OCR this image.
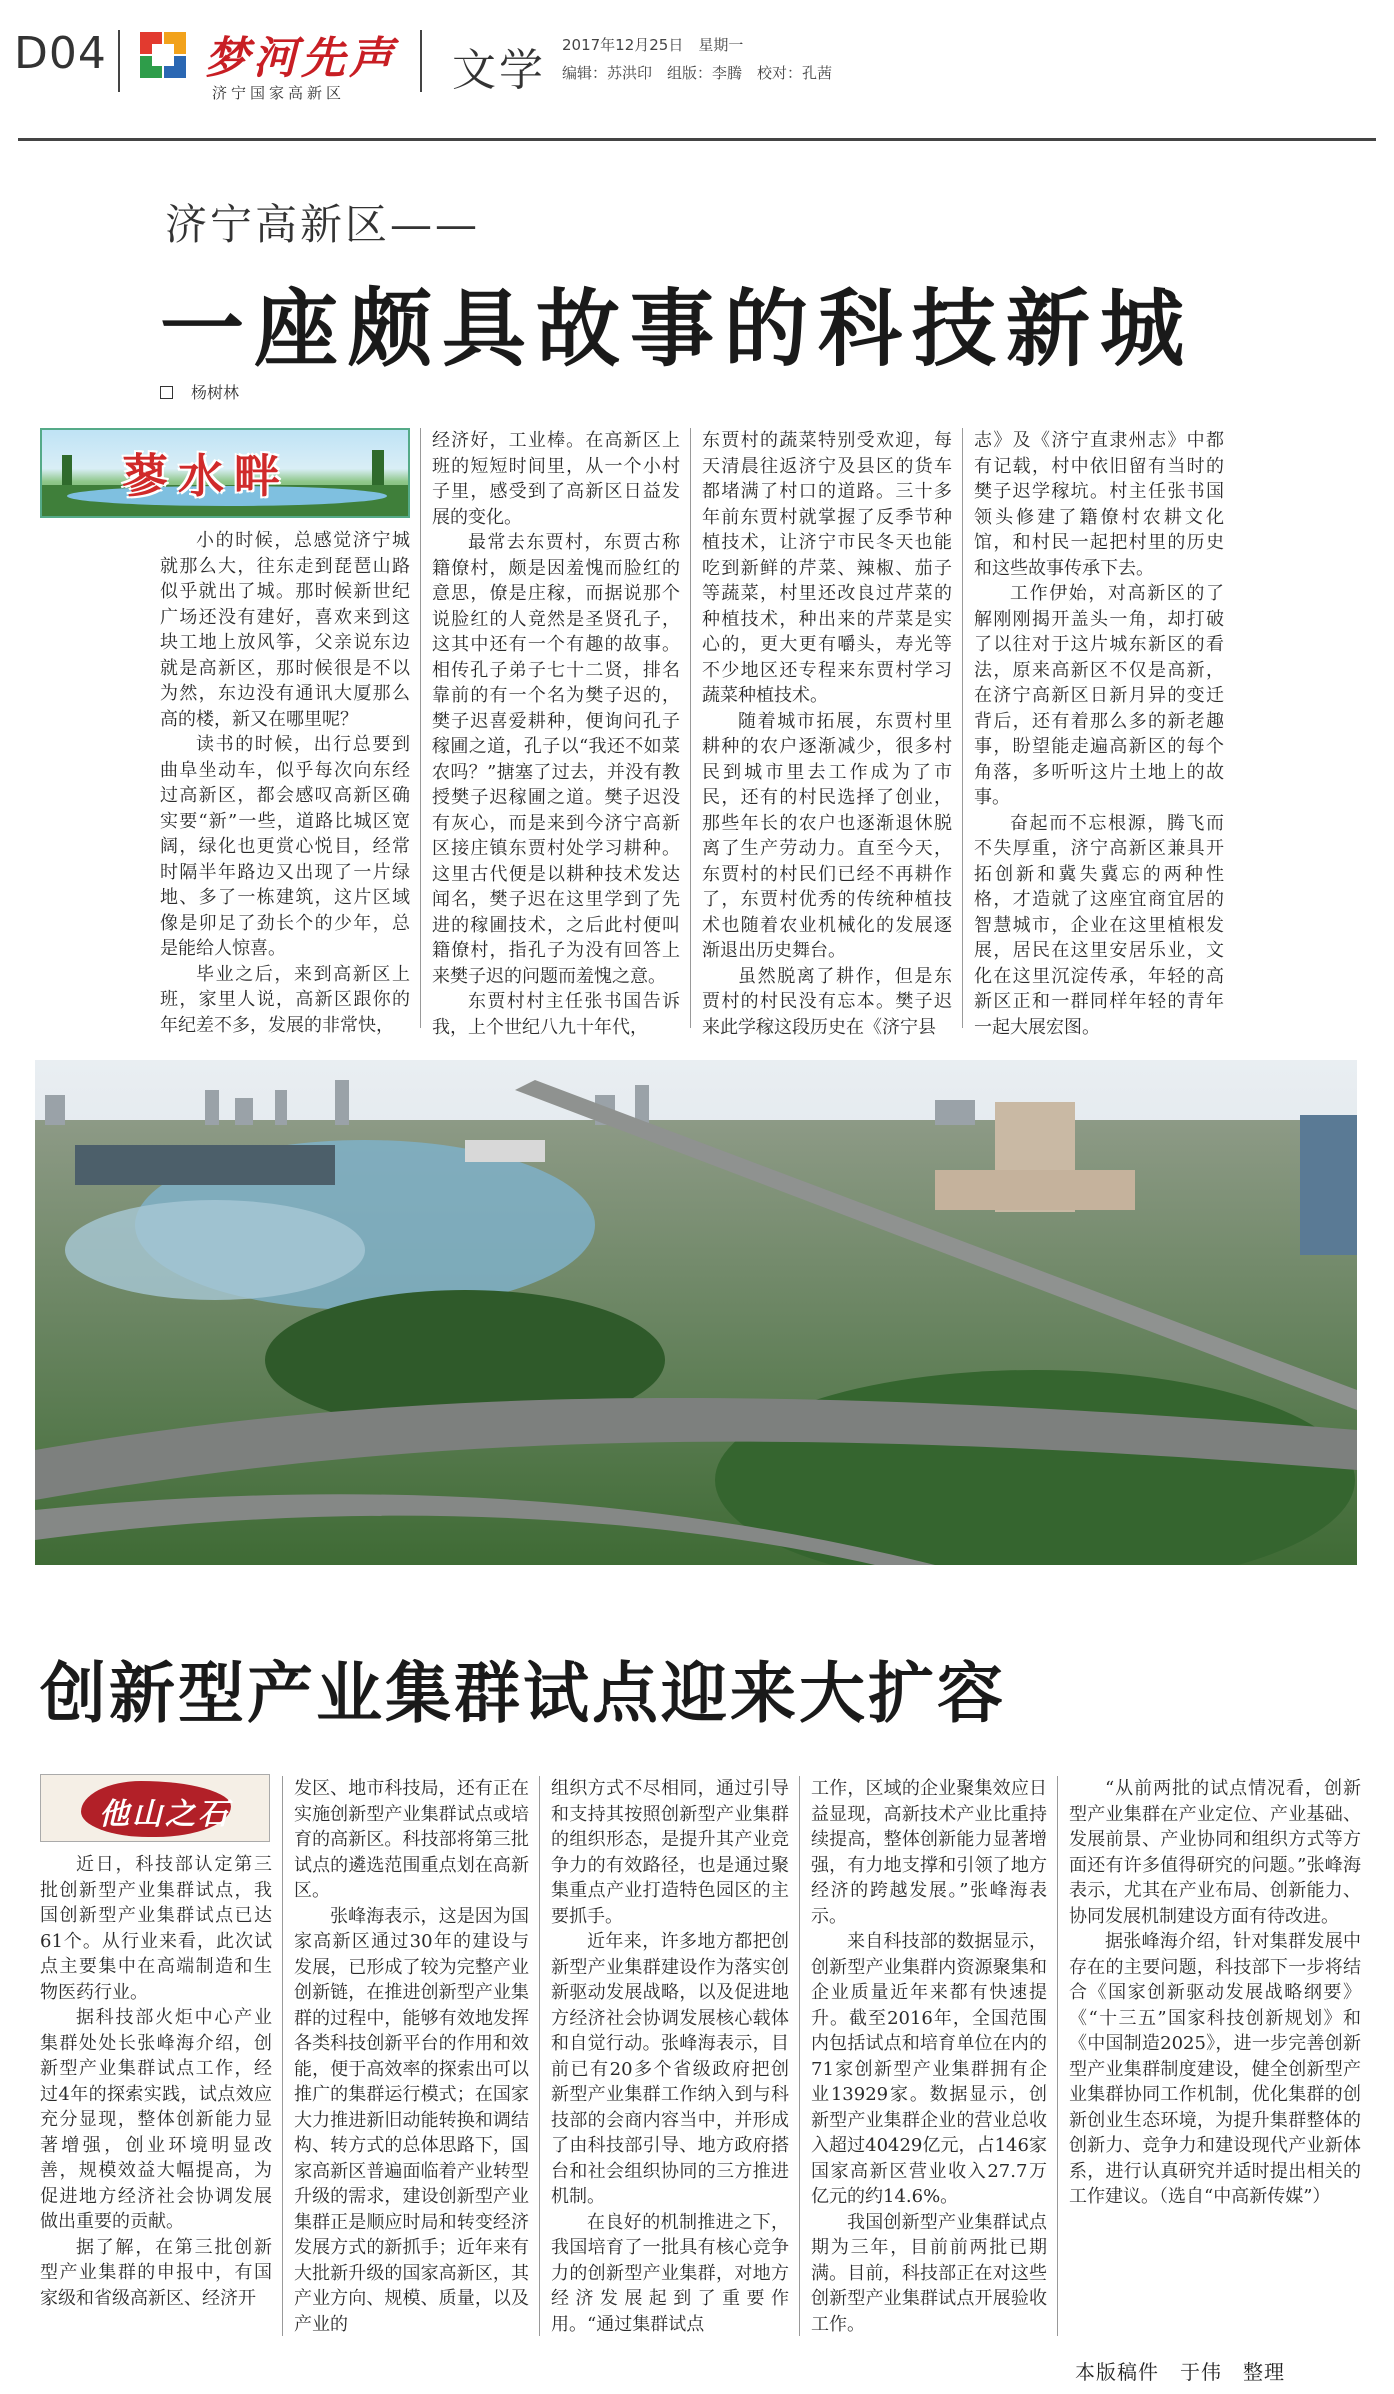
D04 梦河先声
济宁国家高新区 文学 2017年12月25日　星期一
编辑：苏洪印　组版：李腾　校对：孔茜
济宁高新区——
一座颇具故事的科技新城
杨树林
蓼水畔

小的时候，总感觉济宁城就那么大，往东走到琵琶山路似乎就出了城。那时候新世纪广场还没有建好，喜欢来到这块工地上放风筝，父亲说东边就是高新区，那时候很是不以为然，东边没有通讯大厦那么高的楼，新又在哪里呢？

读书的时候，出行总要到曲阜坐动车，似乎每次向东经过高新区，都会感叹高新区确实要“新”一些，道路比城区宽阔，绿化也更赏心悦目，经常时隔半年路边又出现了一片绿地、多了一栋建筑，这片区域像是卯足了劲长个的少年，总是能给人惊喜。

毕业之后，来到高新区上班，家里人说，高新区跟你的年纪差不多，发展的非常快，

经济好，工业棒。在高新区上班的短短时间里，从一个小村子里，感受到了高新区日益发展的变化。

最常去东贾村，东贾古称籍僚村，颇是因羞愧而脸红的意思，僚是庄稼，而据说那个说脸红的人竟然是圣贤孔子，这其中还有一个有趣的故事。相传孔子弟子七十二贤，排名靠前的有一个名为樊子迟的，樊子迟喜爱耕种，便询问孔子稼圃之道，孔子以“我还不如菜农吗？”搪塞了过去，并没有教授樊子迟稼圃之道。樊子迟没有灰心，而是来到今济宁高新区接庄镇东贾村处学习耕种。这里古代便是以耕种技术发达闻名，樊子迟在这里学到了先进的稼圃技术，之后此村便叫籍僚村，指孔子为没有回答上来樊子迟的问题而羞愧之意。

东贾村村主任张书国告诉我，上个世纪八九十年代，

东贾村的蔬菜特别受欢迎，每天清晨往返济宁及县区的货车都堵满了村口的道路。三十多年前东贾村就掌握了反季节种植技术，让济宁市民冬天也能吃到新鲜的芹菜、辣椒、茄子等蔬菜，村里还改良过芹菜的种植技术，种出来的芹菜是实心的，更大更有嚼头，寿光等不少地区还专程来东贾村学习蔬菜种植技术。

随着城市拓展，东贾村里耕种的农户逐渐减少，很多村民到城市里去工作成为了市民，还有的村民选择了创业，那些年长的农户也逐渐退休脱离了生产劳动力。直至今天，东贾村的村民们已经不再耕作了，东贾村优秀的传统种植技术也随着农业机械化的发展逐渐退出历史舞台。

虽然脱离了耕作，但是东贾村的村民没有忘本。樊子迟来此学稼这段历史在《济宁县

志》及《济宁直隶州志》中都有记载，村中依旧留有当时的樊子迟学稼坑。村主任张书国领头修建了籍僚村农耕文化馆，和村民一起把村里的历史和这些故事传承下去。

工作伊始，对高新区的了解刚刚揭开盖头一角，却打破了以往对于这片城东新区的看法，原来高新区不仅是高新，在济宁高新区日新月异的变迁背后，还有着那么多的新老趣事，盼望能走遍高新区的每个角落，多听听这片土地上的故事。

奋起而不忘根源，腾飞而不失厚重，济宁高新区兼具开拓创新和冀失冀忘的两种性格，才造就了这座宜商宜居的智慧城市，企业在这里植根发展，居民在这里安居乐业，文化在这里沉淀传承，年轻的高新区正和一群同样年轻的青年一起大展宏图。

创新型产业集群试点迎来大扩容
他山之石

近日，科技部认定第三批创新型产业集群试点，我国创新型产业集群试点已达61个。从行业来看，此次试点主要集中在高端制造和生物医药行业。

据科技部火炬中心产业集群处处长张峰海介绍，创新型产业集群试点工作，经过4年的探索实践，试点效应充分显现，整体创新能力显著增强，创业环境明显改善，规模效益大幅提高，为促进地方经济社会协调发展做出重要的贡献。

据了解，在第三批创新型产业集群的申报中，有国家级和省级高新区、经济开

发区、地市科技局，还有正在实施创新型产业集群试点或培育的高新区。科技部将第三批试点的遴选范围重点划在高新区。

张峰海表示，这是因为国家高新区通过30年的建设与发展，已形成了较为完整产业创新链，在推进创新型产业集群的过程中，能够有效地发挥各类科技创新平台的作用和效能，便于高效率的探索出可以推广的集群运行模式；在国家大力推进新旧动能转换和调结构、转方式的总体思路下，国家高新区普遍面临着产业转型升级的需求，建设创新型产业集群正是顺应时局和转变经济发展方式的新抓手；近年来有大批新升级的国家高新区，其产业方向、规模、质量，以及产业的

组织方式不尽相同，通过引导和支持其按照创新型产业集群的组织形态，是提升其产业竞争力的有效路径，也是通过聚集重点产业打造特色园区的主要抓手。

近年来，许多地方都把创新型产业集群建设作为落实创新驱动发展战略，以及促进地方经济社会协调发展核心载体和自觉行动。张峰海表示，目前已有20多个省级政府把创新型产业集群工作纳入到与科技部的会商内容当中，并形成了由科技部引导、地方政府搭台和社会组织协同的三方推进机制。

在良好的机制推进之下，我国培育了一批具有核心竞争力的创新型产业集群，对地方经济发展起到了重要作用。“通过集群试点

工作，区域的企业聚集效应日益显现，高新技术产业比重持续提高，整体创新能力显著增强，有力地支撑和引领了地方经济的跨越发展。”张峰海表示。

来自科技部的数据显示，创新型产业集群内资源聚集和企业质量近年来都有快速提升。截至2016年，全国范围内包括试点和培育单位在内的71家创新型产业集群拥有企业13929家。数据显示，创新型产业集群企业的营业总收入超过40429亿元，占146家国家高新区营业收入27.7万亿元的约14.6%。

我国创新型产业集群试点期为三年，目前前两批已期满。目前，科技部正在对这些创新型产业集群试点开展验收工作。

“从前两批的试点情况看，创新型产业集群在产业定位、产业基础、发展前景、产业协同和组织方式等方面还有许多值得研究的问题。”张峰海表示，尤其在产业布局、创新能力、协同发展机制建设方面有待改进。

据张峰海介绍，针对集群发展中存在的主要问题，科技部下一步将结合《国家创新驱动发展战略纲要》《“十三五”国家科技创新规划》和《中国制造2025》，进一步完善创新型产业集群制度建设，健全创新型产业集群协同工作机制，优化集群的创新创业生态环境，为提升集群整体的创新力、竞争力和建设现代产业新体系，进行认真研究并适时提出相关的工作建议。（选自“中高新传媒”）

本版稿件　于伟　整理
